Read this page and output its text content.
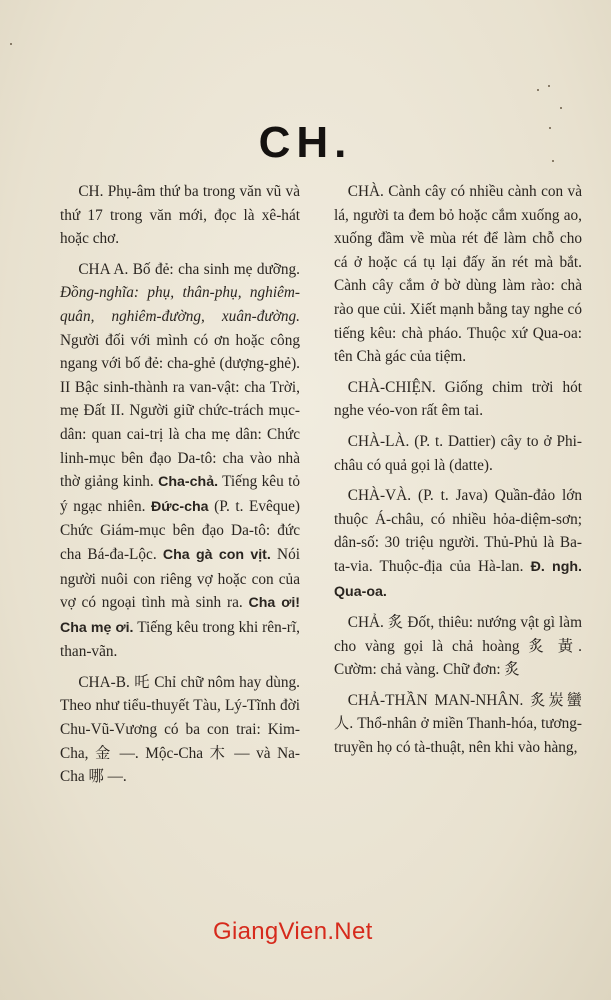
CH.

CH. Phụ-âm thứ ba trong văn vũ và thứ 17 trong văn mới, đọc là xê-hát hoặc chơ.

CHA A. Bố đẻ: cha sinh mẹ dưỡng. Đồng-nghĩa: phụ, thân-phụ, nghiêm-quân, nghiêm-đường, xuân-đường. Người đối với mình có ơn hoặc công ngang với bố đẻ: cha-ghẻ (dượng-ghẻ). II Bậc sinh-thành ra van-vật: cha Trời, mẹ Đất II. Người giữ chức-trách mục-dân: quan cai-trị là cha mẹ dân: Chức linh-mục bên đạo Da-tô: cha vào nhà thờ giảng kinh. Cha-chả. Tiếng kêu tỏ ý ngạc nhiên. Đức-cha (P. t. Evêque) Chức Giám-mục bên đạo Da-tô: đức cha Bá-đa-Lộc. Cha gà con vịt. Nói người nuôi con riêng vợ hoặc con của vợ có ngoại tình mà sinh ra. Cha ơi! Cha mẹ ơi. Tiếng kêu trong khi rên-rĩ, than-vãn.

CHA-B. 吒 Chỉ chữ nôm hay dùng. Theo như tiểu-thuyết Tàu, Lý-Tĩnh đời Chu-Vũ-Vương có ba con trai: Kim-Cha, 金 —. Mộc-Cha 木 — và Na-Cha 哪 —.

CHÀ. Cành cây có nhiều cành con và lá, người ta đem bỏ hoặc cắm xuống ao, xuống đầm về mùa rét để làm chỗ cho cá ở hoặc cá tụ lại đấy ăn rét mà bắt. Cành cây cắm ở bờ dùng làm rào: chà rào que củi. Xiết mạnh bằng tay nghe có tiếng kêu: chà pháo. Thuộc xứ Qua-oa: tên Chà gác của tiệm.

CHÀ-CHIỆN. Giống chim trời hót nghe véo-von rất êm tai.

CHÀ-LÀ. (P. t. Dattier) cây to ở Phi-châu có quả gọi là (datte).

CHÀ-VÀ. (P. t. Java) Quần-đảo lớn thuộc Á-châu, có nhiều hỏa-diệm-sơn; dân-số: 30 triệu người. Thủ-Phủ là Ba-ta-via. Thuộc-địa của Hà-lan. Đ. ngh. Qua-oa.

CHẢ. 炙 Đốt, thiêu: nướng vật gì làm cho vàng gọi là chả hoàng 炙 黃. Cườm: chả vàng. Chữ đơn: 炙

CHẢ-THẦN MAN-NHÂN. 炙炭蠻人. Thổ-nhân ở miền Thanh-hóa, tương-truyền họ có tà-thuật, nên khi vào hàng,

GiangVien.Net
